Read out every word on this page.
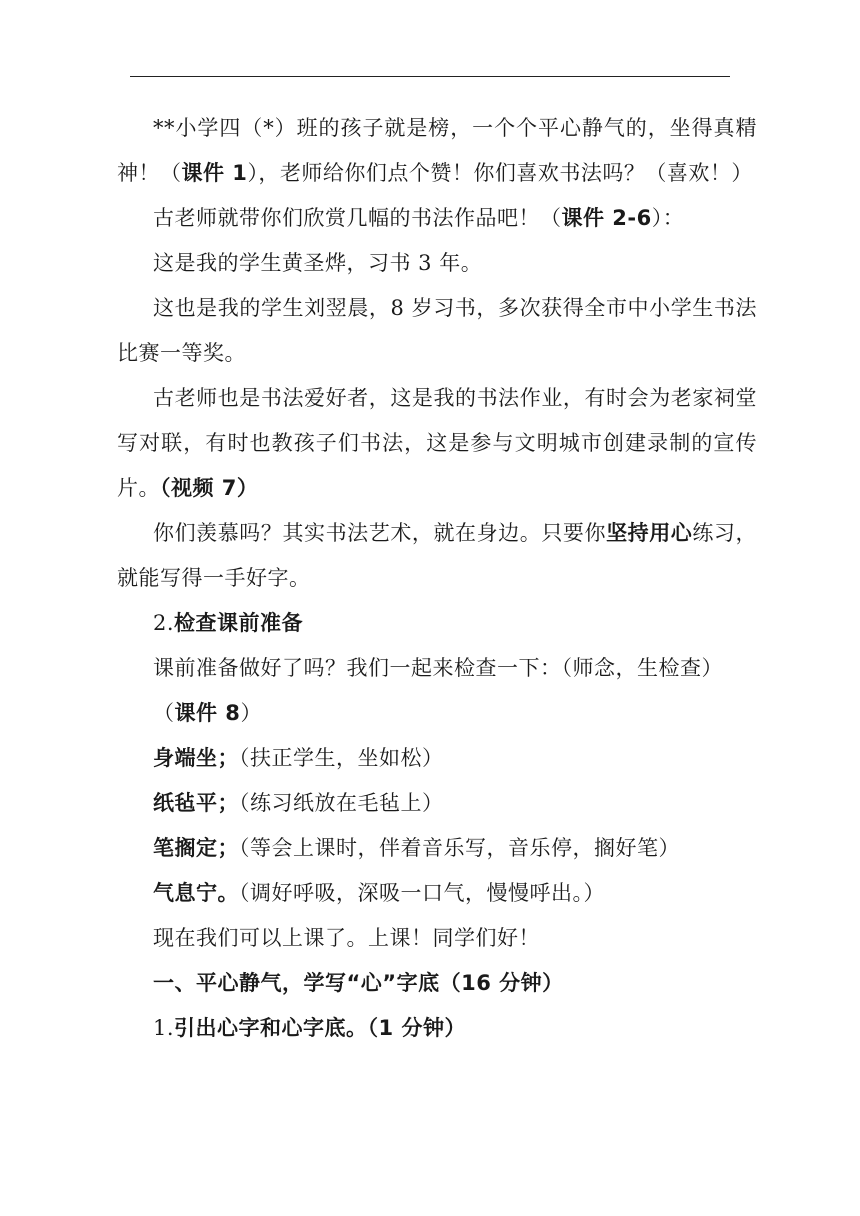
**小学四（*）班的孩子就是榜，一个个平心静气的，坐得真精神！（课件 1），老师给你们点个赞！你们喜欢书法吗？（喜欢！）

古老师就带你们欣赏几幅的书法作品吧！（课件 2-6）：

这是我的学生黄圣烨，习书 3 年。

这也是我的学生刘翌晨，8 岁习书，多次获得全市中小学生书法比赛一等奖。

古老师也是书法爱好者，这是我的书法作业，有时会为老家祠堂写对联，有时也教孩子们书法，这是参与文明城市创建录制的宣传片。（视频 7）

你们羡慕吗？其实书法艺术，就在身边。只要你坚持用心练习，就能写得一手好字。

2.检查课前准备

课前准备做好了吗？我们一起来检查一下：（师念，生检查）

（课件 8）

身端坐；（扶正学生，坐如松）

纸毡平；（练习纸放在毛毡上）

笔搁定；（等会上课时，伴着音乐写，音乐停，搁好笔）

气息宁。（调好呼吸，深吸一口气，慢慢呼出。）

现在我们可以上课了。上课！同学们好！

一、平心静气，学写“心”字底（16 分钟）

1.引出心字和心字底。（1 分钟）
